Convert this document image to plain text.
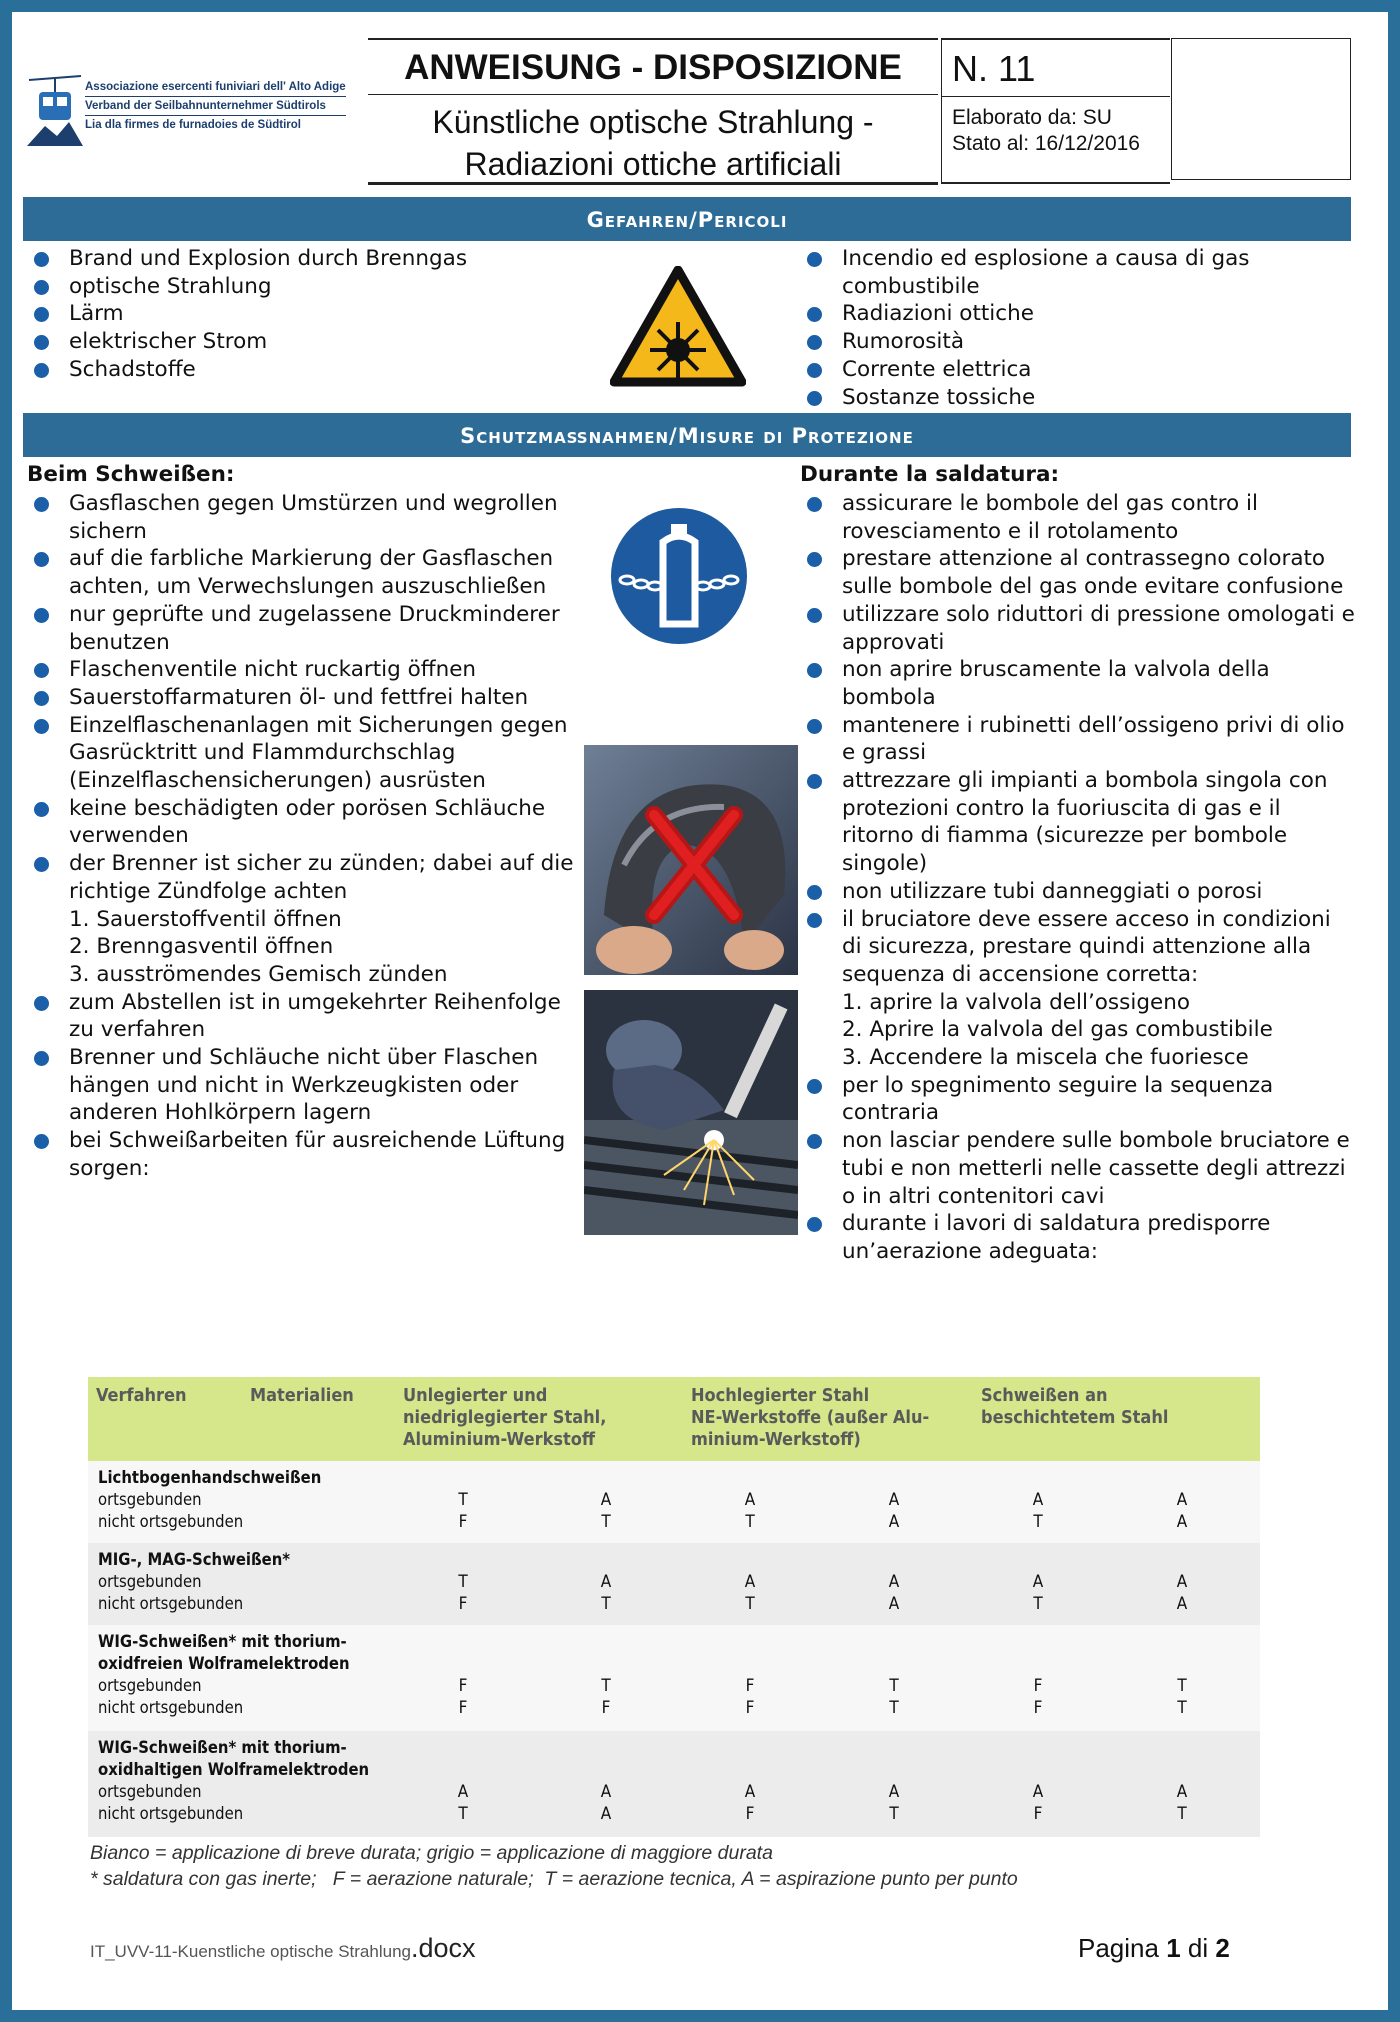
Associazione esercenti funiviari dell' Alto Adige
Verband der Seilbahnunternehmer Südtirols
Lia dla firmes de furnadoies de Südtirol
ANWEISUNG - DISPOSIZIONE
Künstliche optische Strahlung -
Radiazioni ottiche artificiali
N. 11
Elaborato da: SU
Stato al: 16/12/2016
Gefahren/Pericoli
Brand und Explosion durch Brenngas
optische Strahlung
Lärm
elektrischer Strom
Schadstoffe
Incendio ed esplosione a causa di gas combustibile
Radiazioni ottiche
Rumorosità
Corrente elettrica
Sostanze tossiche
Schutzmaßnahmen/Misure di Protezione
Beim Schweißen:
Gasflaschen gegen Umstürzen und wegrollen sichern
auf die farbliche Markierung der Gasflaschen achten, um Verwechslungen auszuschließen
nur geprüfte und zugelassene Druckminderer benutzen
Flaschenventile nicht ruckartig öffnen
Sauerstoffarmaturen öl- und fettfrei halten
Einzelflaschenanlagen mit Sicherungen gegen Gasrücktritt und Flammdurchschlag (Einzelflaschensicherungen) ausrüsten
keine beschädigten oder porösen Schläuche verwenden
der Brenner ist sicher zu zünden; dabei auf die richtige Zündfolge achten
1. Sauerstoffventil öffnen
2. Brenngasventil öffnen
3. ausströmendes Gemisch zünden
zum Abstellen ist in umgekehrter Reihenfolge zu verfahren
Brenner und Schläuche nicht über Flaschen hängen und nicht in Werkzeugkisten oder anderen Hohlkörpern lagern
bei Schweißarbeiten für ausreichende Lüftung sorgen:
Durante la saldatura:
assicurare le bombole del gas contro il rovesciamento e il rotolamento
prestare attenzione al contrassegno colorato sulle bombole del gas onde evitare confusione
utilizzare solo riduttori di pressione omologati e approvati
non aprire bruscamente la valvola della bombola
mantenere i rubinetti dell’ossigeno privi di olio e grassi
attrezzare gli impianti a bombola singola con protezioni contro la fuoriuscita di gas e il ritorno di fiamma (sicurezze per bombole singole)
non utilizzare tubi danneggiati o porosi
il bruciatore deve essere acceso in condizioni di sicurezza, prestare quindi attenzione alla sequenza di accensione corretta:
1. aprire la valvola dell’ossigeno
2. Aprire la valvola del gas combustibile
3. Accendere la miscela che fuoriesce
per lo spegnimento seguire la sequenza contraria
non lasciar pendere sulle bombole bruciatore e tubi e non metterli nelle cassette degli attrezzi o in altri contenitori cavi
durante i lavori di saldatura predisporre un’aerazione adeguata:
Verfahren	Materialien	Unlegierter und
niedriglegierter Stahl,
Aluminium-Werkstoff
Hochlegierter Stahl
NE-Werkstoffe (außer Alu-
minium-Werkstoff)
Schweißen an
beschichtetem Stahl
Lichtbogenhandschweißen
ortsgebunden
nicht ortsgebunden
T	A	A	A	A	A
F	T	T	A	T	A
MIG-, MAG-Schweißen*
ortsgebunden
nicht ortsgebunden
T	A	A	A	A	A
F	T	T	A	T	A
WIG-Schweißen* mit thorium-
oxidfreien Wolframelektroden
ortsgebunden
nicht ortsgebunden
F	T	F	T	F	T
F	F	F	T	F	T
WIG-Schweißen* mit thorium-
oxidhaltigen Wolframelektroden
ortsgebunden
nicht ortsgebunden
A	A	A	A	A	A
T	A	F	T	F	T
Bianco = applicazione di breve durata; grigio = applicazione di maggiore durata
* saldatura con gas inerte;   F = aerazione naturale;  T = aerazione tecnica, A = aspirazione punto per punto
IT_UVV-11-Kuenstliche optische Strahlung.docx	Pagina 1 di 2
